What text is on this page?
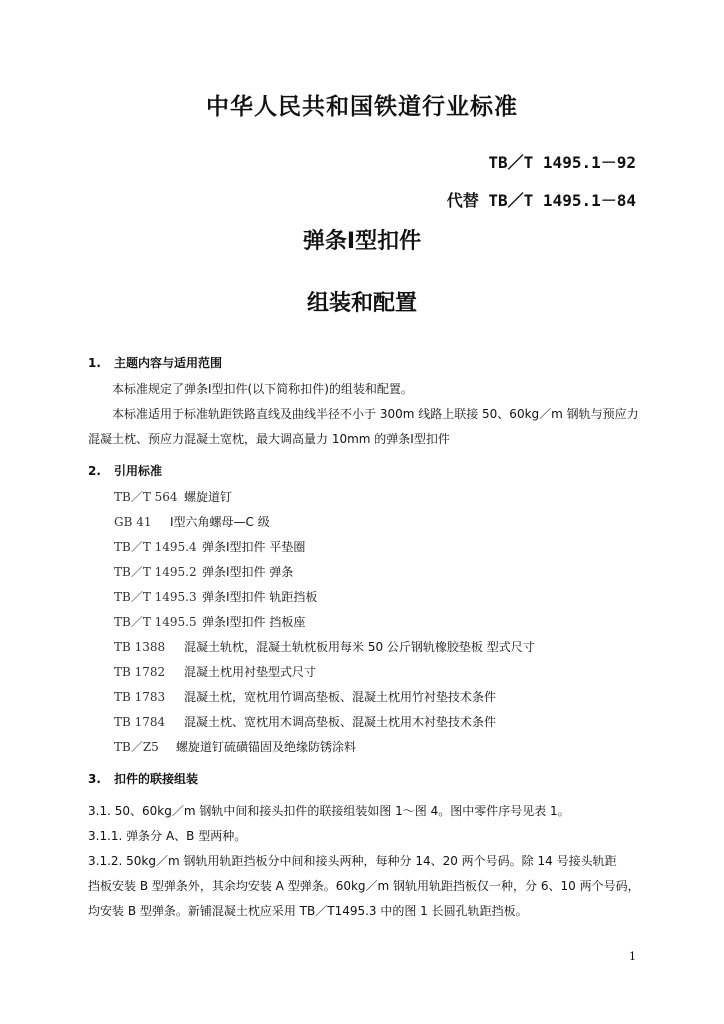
中华人民共和国铁道行业标准
TB／T 1495.1－92
代替 TB／T 1495.1－84
弹条Ⅰ型扣件
组装和配置
1. 主题内容与适用范围
本标准规定了弹条Ⅰ型扣件(以下简称扣件)的组装和配置。
本标准适用于标准轨距铁路直线及曲线半径不小于 300m 线路上联接 50、60kg／m 钢轨与预应力
混凝土枕、预应力混凝土宽枕，最大调高量力 10mm 的弹条Ⅰ型扣件
2. 引用标准
TB／T 564 螺旋道钉
GB 41 Ⅰ型六角螺母—C 级
TB／T 1495.4 弹条Ⅰ型扣件 平垫圈
TB／T 1495.2 弹条Ⅰ型扣件 弹条
TB／T 1495.3 弹条Ⅰ型扣件 轨距挡板
TB／T 1495.5 弹条Ⅰ型扣件 挡板座
TB 1388 混凝土轨枕，混凝土轨枕板用每米 50 公斤钢轨橡胶垫板 型式尺寸
TB 1782 混凝土枕用衬垫型式尺寸
TB 1783 混凝土枕，宽枕用竹调高垫板、混凝土枕用竹衬垫技术条件
TB 1784 混凝土枕、宽枕用木调高垫板、混凝土枕用木衬垫技术条件
TB／Z5 螺旋道钉硫磺锚固及绝缘防锈涂料
3. 扣件的联接组装
3.1. 50、60kg／m 钢轨中间和接头扣件的联接组装如图 1～图 4。图中零件序号见表 1。
3.1.1. 弹条分 A、B 型两种。
3.1.2. 50kg／m 钢轨用轨距挡板分中间和接头两种，每种分 14、20 两个号码。除 14 号接头轨距
挡板安装 B 型弹条外，其余均安装 A 型弹条。60kg／m 钢轨用轨距挡板仅一种，分 6、10 两个号码，
均安装 B 型弹条。新铺混凝土枕应采用 TB／T1495.3 中的图 1 长圆孔轨距挡板。
1
